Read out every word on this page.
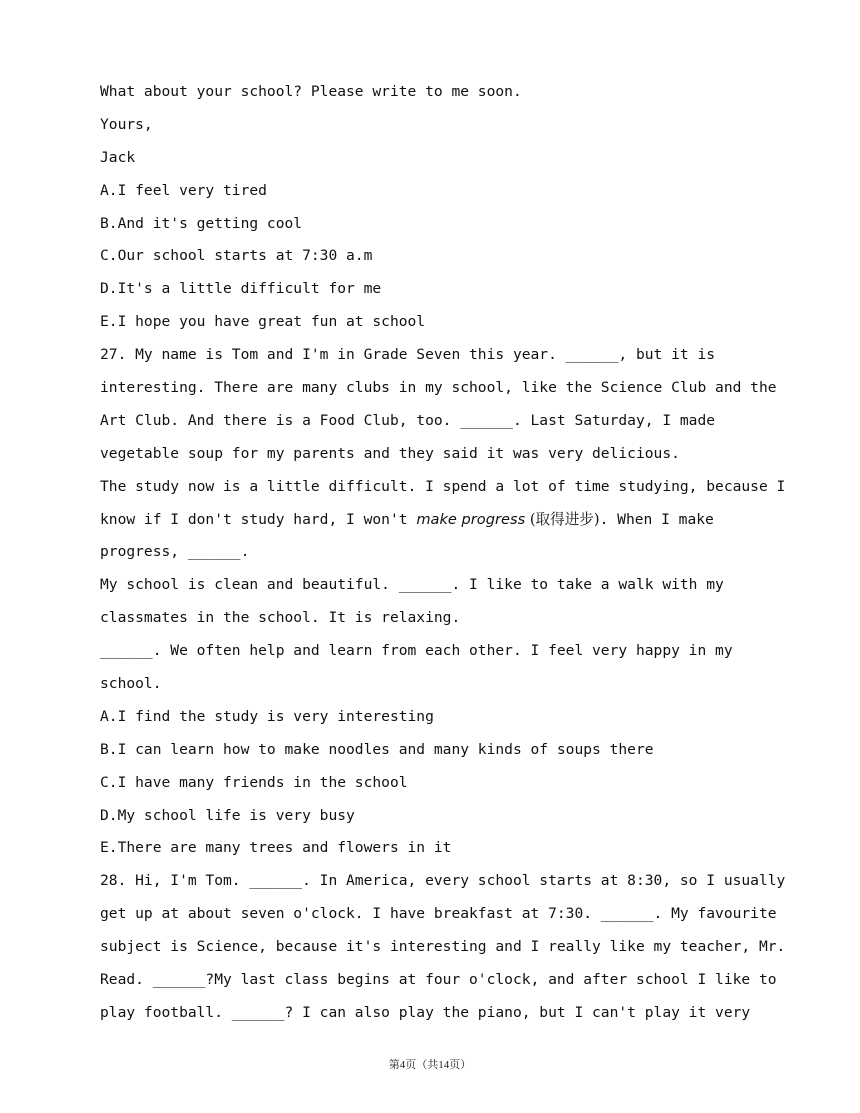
What about your school? Please write to me soon.
Yours,
Jack
A.I feel very tired
B.And it's getting cool
C.Our school starts at 7:30 a.m
D.It's a little difficult for me
E.I hope you have great fun at school
27. My name is Tom and I'm in Grade Seven this year. ______, but it is
interesting. There are many clubs in my school, like the Science Club and the
Art Club. And there is a Food Club, too. ______. Last Saturday, I made
vegetable soup for my parents and they said it was very delicious.
The study now is a little difficult. I spend a lot of time studying, because I
know if I don't study hard, I won't make progress (取得进步). When I make
progress, ______.
My school is clean and beautiful. ______. I like to take a walk with my
classmates in the school. It is relaxing.
______. We often help and learn from each other. I feel very happy in my
school.
A.I find the study is very interesting
B.I can learn how to make noodles and many kinds of soups there
C.I have many friends in the school
D.My school life is very busy
E.There are many trees and flowers in it
28. Hi, I'm Tom. ______. In America, every school starts at 8:30, so I usually
get up at about seven o'clock. I have breakfast at 7:30. ______. My favourite
subject is Science, because it's interesting and I really like my teacher, Mr.
Read. ______?My last class begins at four o'clock, and after school I like to
play football. ______? I can also play the piano, but I can't play it very
第4页（共14页）
